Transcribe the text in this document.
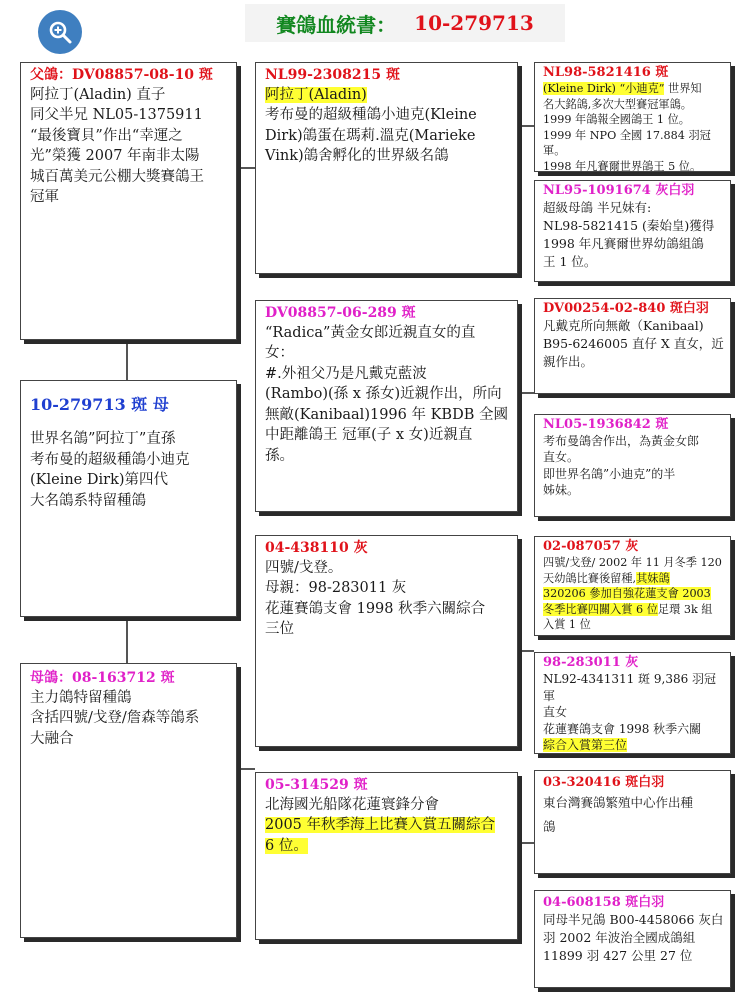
賽鴿血統書： 10-279713
父鴿：DV08857-08-10 斑
阿拉丁(Aladin) 直子
同父半兄 NL05-1375911
“最後寶貝”作出“幸運之
光”榮獲 2007 年南非太陽
城百萬美元公棚大獎賽鴿王
冠軍
10-279713 斑 母
世界名鴿”阿拉丁”直孫
考布曼的超級種鴿小迪克
(Kleine Dirk)第四代
大名鴿系特留種鴿
母鴿：08-163712 斑
主力鴿特留種鴿
含括四號/戈登/詹森等鴿系
大融合
NL99-2308215 斑
阿拉丁(Aladin)
考布曼的超級種鴿小迪克(Kleine
Dirk)鴿蛋在瑪莉.溫克(Marieke
Vink)鴿舍孵化的世界級名鴿
DV08857-06-289 斑
“Radica”黃金女郎近親直女的直
女：
#.外祖父乃是凡戴克藍波
(Rambo)(孫 x 孫女)近親作出，所向
無敵(Kanibaal)1996 年 KBDB 全國
中距離鴿王 冠軍(子 x 女)近親直
孫。
04-438110 灰
四號/戈登。
母親：98-283011 灰
花蓮賽鴿支會 1998 秋季六關綜合
三位
05-314529 斑
北海國光船隊花蓮寰鋒分會
2005 年秋季海上比賽入賞五關綜合
6 位。
NL98-5821416 斑
(Kleine Dirk) “小迪克” 世界知
名大銘鴿,多次大型賽冠軍鴿。
1999 年鴿報全國鴿王 1 位。
1999 年 NPO 全國 17.884 羽冠軍。
1998 年凡賽爾世界鴿王 5 位。
NL95-1091674 灰白羽
超級母鴿 半兄妹有:
NL98-5821415 (秦始皇)獲得
1998 年凡賽爾世界幼鴿組鴿
王 1 位。
DV00254-02-840 斑白羽
凡戴克所向無敵（Kanibaal)
B95-6246005 直仔 X 直女，近
親作出。
NL05-1936842 斑
考布曼鴿舍作出，為黃金女郎
直女。
即世界名鴿”小迪克”的半
姊妹。
02-087057 灰
四號/戈登/ 2002 年 11 月冬季 120
天幼鴿比賽後留種,其妹鴿
320206 參加自強花蓮支會 2003
冬季比賽四關入賞 6 位足環 3k 組
入賞 1 位
98-283011 灰
NL92-4341311 斑 9,386 羽冠軍
直女
花蓮賽鴿支會 1998 秋季六關
綜合入賞第三位
03-320416 斑白羽
東台灣賽鴿繁殖中心作出種
鴿
04-608158 斑白羽
同母半兄鴿 B00-4458066 灰白
羽 2002 年波治全國成鴿組
11899 羽 427 公里 27 位
